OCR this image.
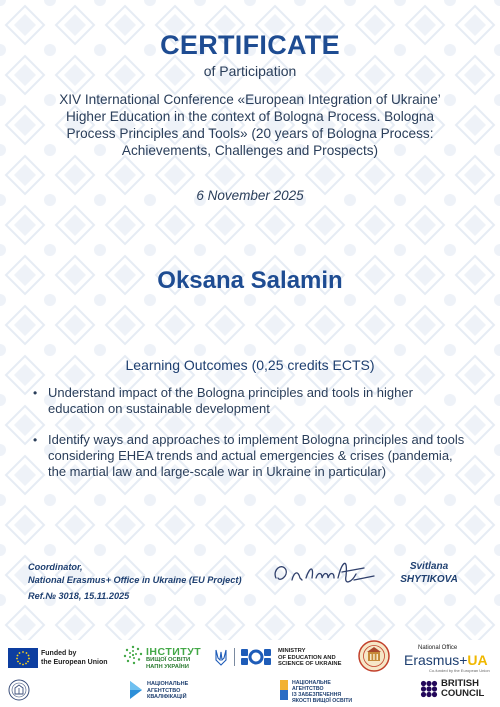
CERTIFICATE
of Participation
XIV International Conference «European Integration of Ukraine’ Higher Education in the context of Bologna Process. Bologna Process Principles and Tools» (20 years of Bologna Process: Achievements, Challenges and Prospects)
6 November 2025
Oksana Salamin
Learning Outcomes (0,25 credits ECTS)
• Understand impact of the Bologna principles and tools in higher education on sustainable development
• Identify ways and approaches to implement Bologna principles and tools considering EHEA trends and actual emergencies & crises (pandemia, the martial law and large-scale war in Ukraine in particular)
Coordinator,
National Erasmus+ Office in Ukraine (EU Project)
Ref.№ 3018, 15.11.2025
Svitlana
SHYTIKOVA
Funded by
the European Union
ІНСТИТУТ
ВИЩОЇ ОСВІТИ
НАПН УКРАЇНИ
MINISTRY
OF EDUCATION AND
SCIENCE OF UKRAINE
National Office
Erasmus+UA
Co-funded by the European Union
НАЦІОНАЛЬНЕ
АГЕНТСТВО
КВАЛІФІКАЦІЙ
НАЦІОНАЛЬНЕ
АГЕНТСТВО
ІЗ ЗАБЕЗПЕЧЕННЯ
ЯКОСТІ ВИЩОЇ ОСВІТИ
BRITISH
COUNCIL
